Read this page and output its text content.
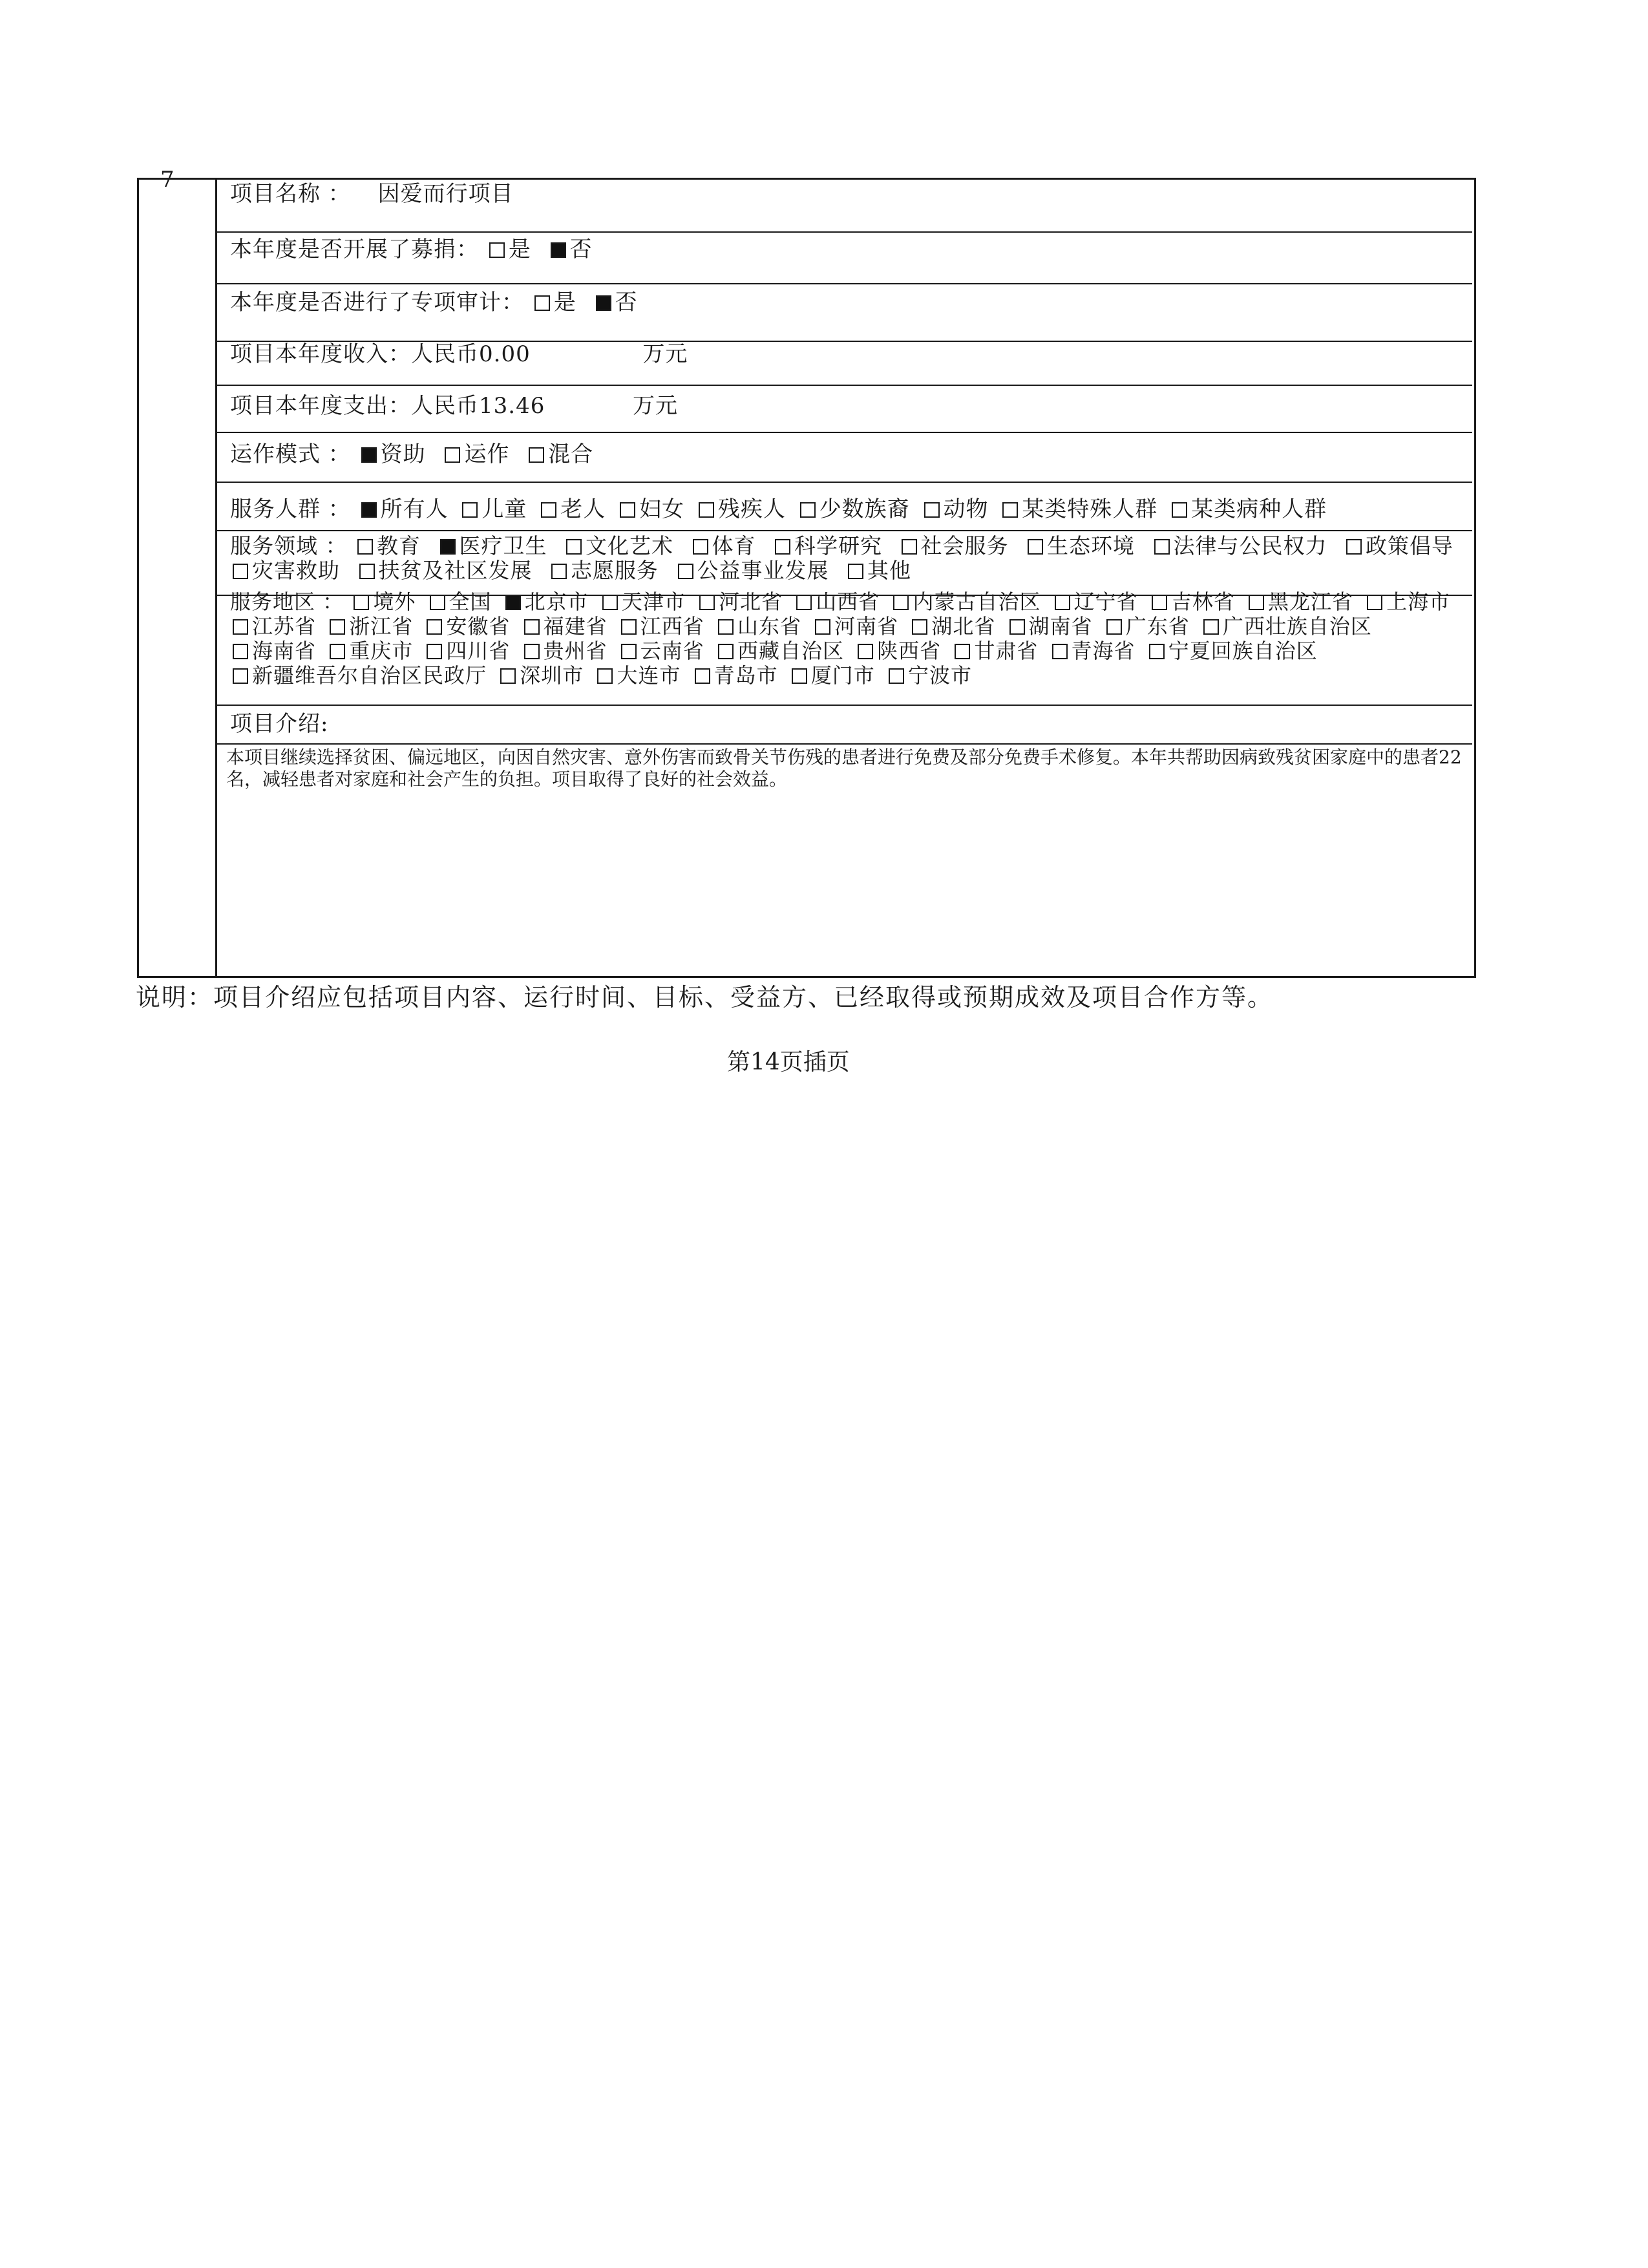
7
项目名称 ： 因爱而行项目
本年度是否开展了募捐： 是 否
本年度是否进行了专项审计： 是 否
项目本年度收入：人民币0.00	万元
项目本年度支出：人民币13.46	万元
运作模式 ： 资助 运作 混合
服务人群 ： 所有人 儿童 老人 妇女 残疾人 少数族裔 动物 某类特殊人群 某类病种人群
服务领域 ： 教育 医疗卫生 文化艺术 体育 科学研究 社会服务 生态环境 法律与公民权力 政策倡导 灾害救助 扶贫及社区发展 志愿服务 公益事业发展 其他
服务地区 ： 境外 全国 北京市 天津市 河北省 山西省 内蒙古自治区 辽宁省 吉林省 黑龙江省 上海市 江苏省 浙江省 安徽省 福建省 江西省 山东省 河南省 湖北省 湖南省 广东省 广西壮族自治区 海南省 重庆市 四川省 贵州省 云南省 西藏自治区 陕西省 甘肃省 青海省 宁夏回族自治区 新疆维吾尔自治区民政厅 深圳市 大连市 青岛市 厦门市 宁波市
项目介绍:
本项目继续选择贫困、偏远地区，向因自然灾害、意外伤害而致骨关节伤残的患者进行免费及部分免费手术修复。本年共帮助因病致残贫困家庭中的患者22名，减轻患者对家庭和社会产生的负担。项目取得了良好的社会效益。
说明：项目介绍应包括项目内容、运行时间、目标、受益方、已经取得或预期成效及项目合作方等。
第14页插页
